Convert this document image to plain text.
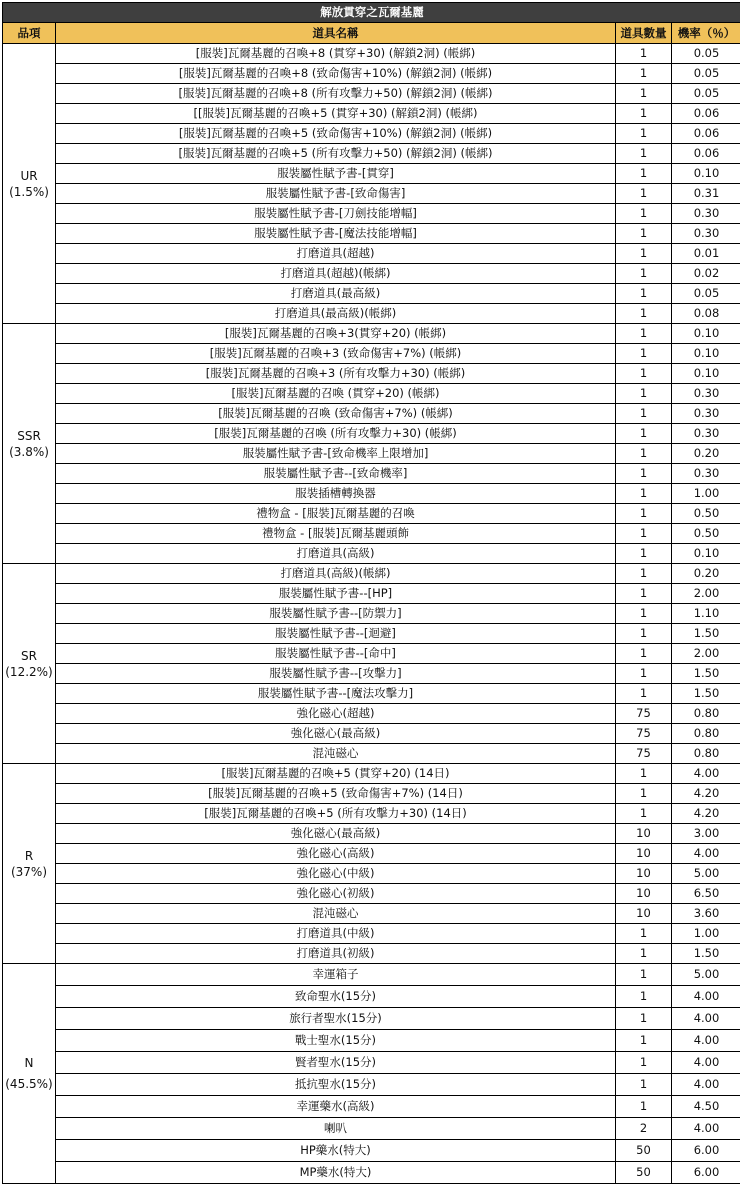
解放貫穿之瓦爾基麗			
品項	道具名稱	道具數量	機率（％）

UR
(1.5%)	[服裝]瓦爾基麗的召喚+8 (貫穿+30) (解鎖2洞) (帳綁)	1	0.05
	[服裝]瓦爾基麗的召喚+8 (致命傷害+10%) (解鎖2洞) (帳綁)	1	0.05
	[服裝]瓦爾基麗的召喚+8 (所有攻擊力+50) (解鎖2洞) (帳綁)	1	0.05
	[[服裝]瓦爾基麗的召喚+5 (貫穿+30) (解鎖2洞) (帳綁)	1	0.06
	[服裝]瓦爾基麗的召喚+5 (致命傷害+10%) (解鎖2洞) (帳綁)	1	0.06
	[服裝]瓦爾基麗的召喚+5 (所有攻擊力+50) (解鎖2洞) (帳綁)	1	0.06
	服裝屬性賦予書-[貫穿]	1	0.10
	服裝屬性賦予書-[致命傷害]	1	0.31
	服裝屬性賦予書-[刀劍技能增幅]	1	0.30
	服裝屬性賦予書-[魔法技能增幅]	1	0.30
	打磨道具(超越)	1	0.01
	打磨道具(超越)(帳綁)	1	0.02
	打磨道具(最高級)	1	0.05
	打磨道具(最高級)(帳綁)	1	0.08

SSR
(3.8%)	[服裝]瓦爾基麗的召喚+3(貫穿+20) (帳綁)	1	0.10
	[服裝]瓦爾基麗的召喚+3 (致命傷害+7%) (帳綁)	1	0.10
	[服裝]瓦爾基麗的召喚+3 (所有攻擊力+30) (帳綁)	1	0.10
	[服裝]瓦爾基麗的召喚 (貫穿+20) (帳綁)	1	0.30
	[服裝]瓦爾基麗的召喚 (致命傷害+7%) (帳綁)	1	0.30
	[服裝]瓦爾基麗的召喚 (所有攻擊力+30) (帳綁)	1	0.30
	服裝屬性賦予書-[致命機率上限增加]	1	0.20
	服裝屬性賦予書--[致命機率]	1	0.30
	服裝插槽轉換器	1	1.00
	禮物盒 - [服裝]瓦爾基麗的召喚	1	0.50
	禮物盒 - [服裝]瓦爾基麗頭飾	1	0.50
	打磨道具(高級)	1	0.10

SR
(12.2%)	打磨道具(高級)(帳綁)	1	0.20
	服裝屬性賦予書--[HP]	1	2.00
	服裝屬性賦予書--[防禦力]	1	1.10
	服裝屬性賦予書--[迴避]	1	1.50
	服裝屬性賦予書--[命中]	1	2.00
	服裝屬性賦予書--[攻擊力]	1	1.50
	服裝屬性賦予書--[魔法攻擊力]	1	1.50
	強化磁心(超越)	75	0.80
	強化磁心(最高級)	75	0.80
	混沌磁心	75	0.80

R
(37%)	[服裝]瓦爾基麗的召喚+5 (貫穿+20) (14日)	1	4.00
	[服裝]瓦爾基麗的召喚+5 (致命傷害+7%) (14日)	1	4.20
	[服裝]瓦爾基麗的召喚+5 (所有攻擊力+30) (14日)	1	4.20
	強化磁心(最高級)	10	3.00
	強化磁心(高級)	10	4.00
	強化磁心(中級)	10	5.00
	強化磁心(初級)	10	6.50
	混沌磁心	10	3.60
	打磨道具(中級)	1	1.00
	打磨道具(初級)	1	1.50

N
(45.5%)	幸運箱子	1	5.00
	致命聖水(15分)	1	4.00
	旅行者聖水(15分)	1	4.00
	戰士聖水(15分)	1	4.00
	賢者聖水(15分)	1	4.00
	抵抗聖水(15分)	1	4.00
	幸運藥水(高級)	1	4.50
	喇叭	2	4.00
	HP藥水(特大)	50	6.00
	MP藥水(特大)	50	6.00
